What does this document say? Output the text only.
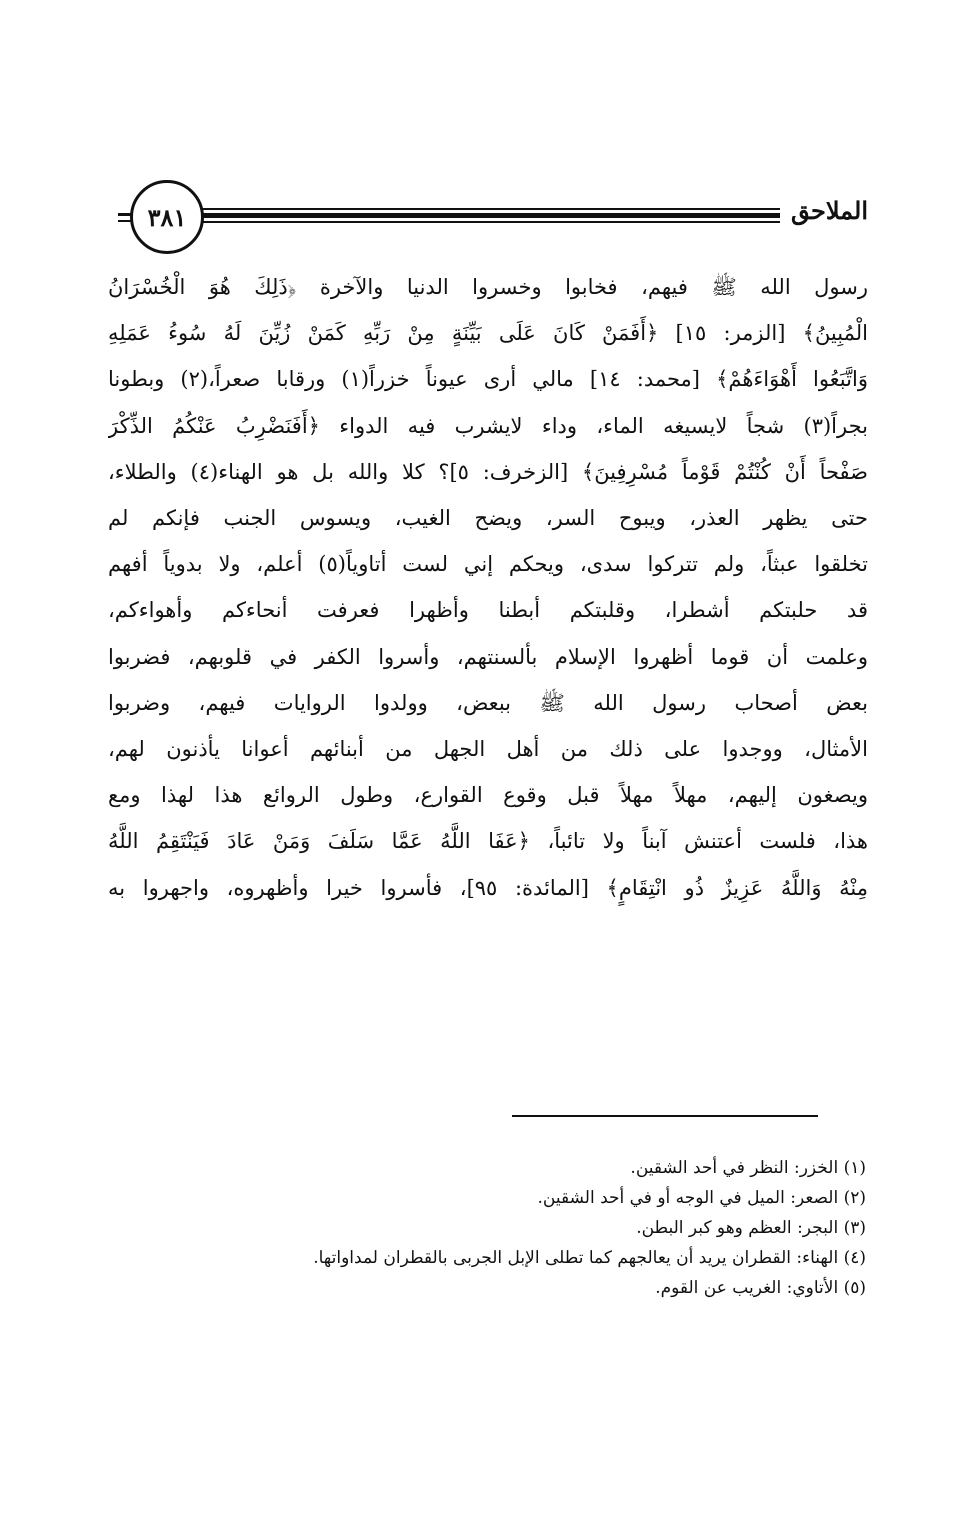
٣٨١	الملاحق
رسول الله ﷺ فيهم، فخابوا وخسروا الدنيا والآخرة ﴿ذَلِكَ هُوَ الْخُسْرَانُ
الْمُبِينُ﴾ [الزمر: ١٥] ﴿أَفَمَنْ كَانَ عَلَى بَيِّنَةٍ مِنْ رَبِّهِ كَمَنْ زُيِّنَ لَهُ سُوءُ عَمَلِهِ
وَاتَّبَعُوا أَهْوَاءَهُمْ﴾ [محمد: ١٤] مالي أرى عيوناً خزراً(١) ورقابا صعراً،(٢) وبطونا
بجراً(٣) شجاً لايسيغه الماء، وداء لايشرب فيه الدواء ﴿أَفَنَضْرِبُ عَنْكُمُ الذِّكْرَ
صَفْحاً أَنْ كُنْتُمْ قَوْماً مُسْرِفِينَ﴾ [الزخرف: ٥]؟ كلا والله بل هو الهناء(٤) والطلاء،
حتى يظهر العذر، ويبوح السر، ويضح الغيب، ويسوس الجنب فإنكم لم
تخلقوا عبثاً، ولم تتركوا سدى، ويحكم إني لست أتاوياً(٥) أعلم، ولا بدوياً أفهم
قد حلبتكم أشطرا، وقلبتكم أبطنا وأظهرا فعرفت أنحاءكم وأهواءكم،
وعلمت أن قوما أظهروا الإسلام بألسنتهم، وأسروا الكفر في قلوبهم، فضربوا
بعض أصحاب رسول الله ﷺ ببعض، وولدوا الروايات فيهم، وضربوا
الأمثال، ووجدوا على ذلك من أهل الجهل من أبنائهم أعوانا يأذنون لهم،
ويصغون إليهم، مهلاً مهلاً قبل وقوع القوارع، وطول الروائع هذا لهذا ومع
هذا، فلست أعتنش آبناً ولا تائباً، ﴿عَفَا اللَّهُ عَمَّا سَلَفَ وَمَنْ عَادَ فَيَنْتَقِمُ اللَّهُ
مِنْهُ وَاللَّهُ عَزِيزٌ ذُو انْتِقَامٍ﴾ [المائدة: ٩٥]، فأسروا خيرا وأظهروه، واجهروا به
(١) الخزر: النظر في أحد الشقين.
(٢) الصعر: الميل في الوجه أو في أحد الشقين.
(٣) البجر: العظم وهو كبر البطن.
(٤) الهناء: القطران يريد أن يعالجهم كما تطلى الإبل الجربى بالقطران لمداواتها.
(٥) الأتاوي: الغريب عن القوم.
